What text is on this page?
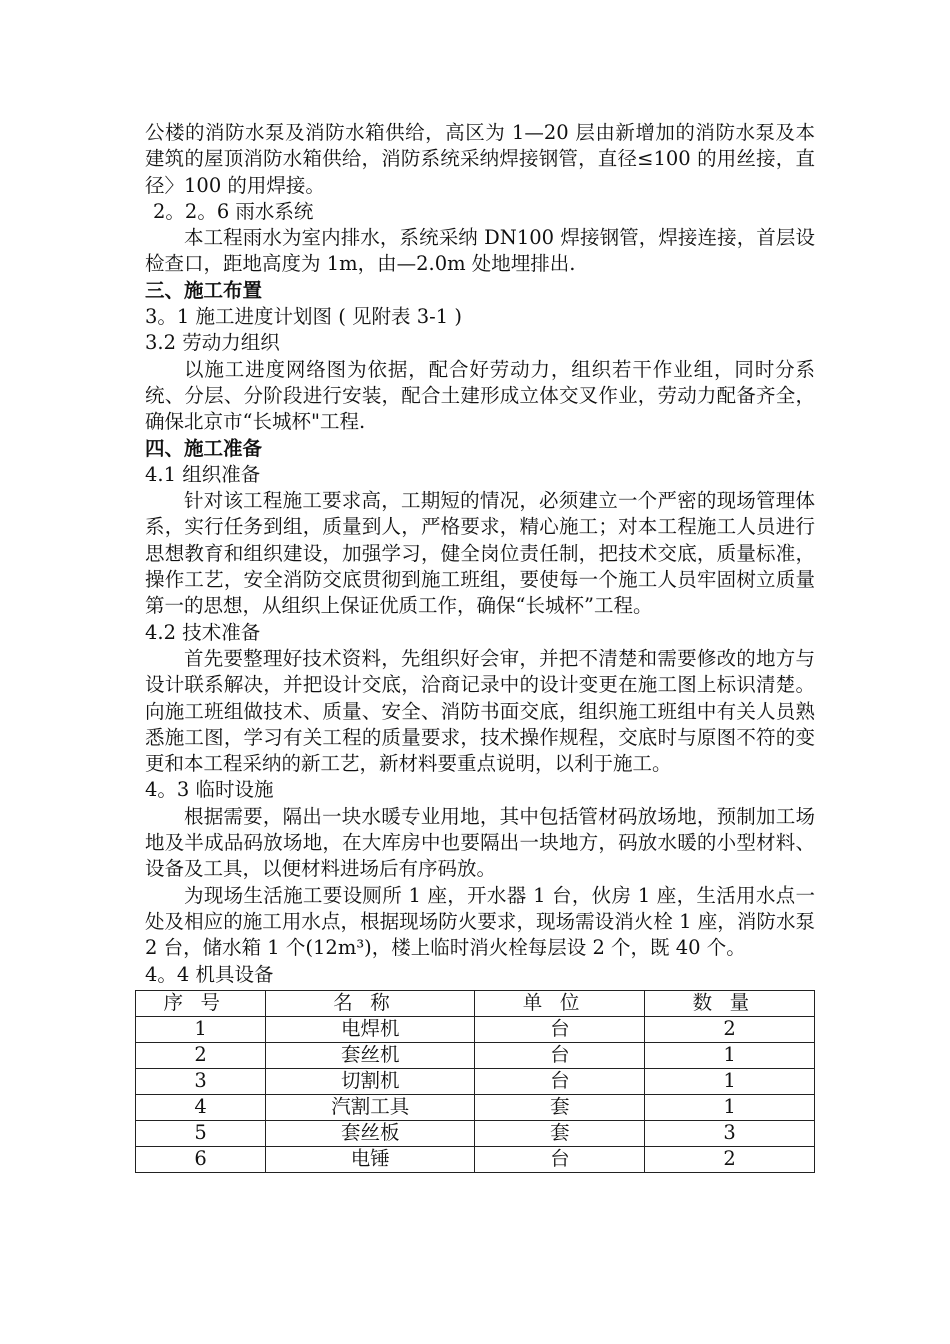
公楼的消防水泵及消防水箱供给，高区为 1—20 层由新增加的消防水泵及本建筑的屋顶消防水箱供给，消防系统采纳焊接钢管，直径≤100 的用丝接，直径〉100 的用焊接。

2。2。6 雨水系统

本工程雨水为室内排水，系统采纳 DN100 焊接钢管，焊接连接，首层设检查口，距地高度为 1m，由—2.0m 处地埋排出.

三、施工布置

3。1 施工进度计划图 ( 见附表 3-1 )

3.2 劳动力组织

以施工进度网络图为依据，配合好劳动力，组织若干作业组，同时分系统、分层、分阶段进行安装，配合土建形成立体交叉作业，劳动力配备齐全，确保北京市“长城杯"工程.

四、施工准备

4.1 组织准备

针对该工程施工要求高，工期短的情况，必须建立一个严密的现场管理体系，实行任务到组，质量到人，严格要求，精心施工；对本工程施工人员进行思想教育和组织建设，加强学习，健全岗位责任制，把技术交底，质量标准，操作工艺，安全消防交底贯彻到施工班组，要使每一个施工人员牢固树立质量第一的思想，从组织上保证优质工作，确保“长城杯”工程。

4.2 技术准备

首先要整理好技术资料，先组织好会审，并把不清楚和需要修改的地方与设计联系解决，并把设计交底，洽商记录中的设计变更在施工图上标识清楚。向施工班组做技术、质量、安全、消防书面交底，组织施工班组中有关人员熟悉施工图，学习有关工程的质量要求，技术操作规程，交底时与原图不符的变更和本工程采纳的新工艺，新材料要重点说明，以利于施工。

4。3 临时设施

根据需要，隔出一块水暖专业用地，其中包括管材码放场地，预制加工场地及半成品码放场地，在大库房中也要隔出一块地方，码放水暖的小型材料、设备及工具，以便材料进场后有序码放。

为现场生活施工要设厕所 1 座，开水器 1 台，伙房 1 座，生活用水点一处及相应的施工用水点，根据现场防火要求，现场需设消火栓 1 座，消防水泵 2 台，储水箱 1 个(12m³)，楼上临时消火栓每层设 2 个，既 40 个。

4。4 机具设备

序号	名称	单位	数量
1	电焊机	台	2
2	套丝机	台	1
3	切割机	台	1
4	汽割工具	套	1
5	套丝板	套	3
6	电锤	台	2
